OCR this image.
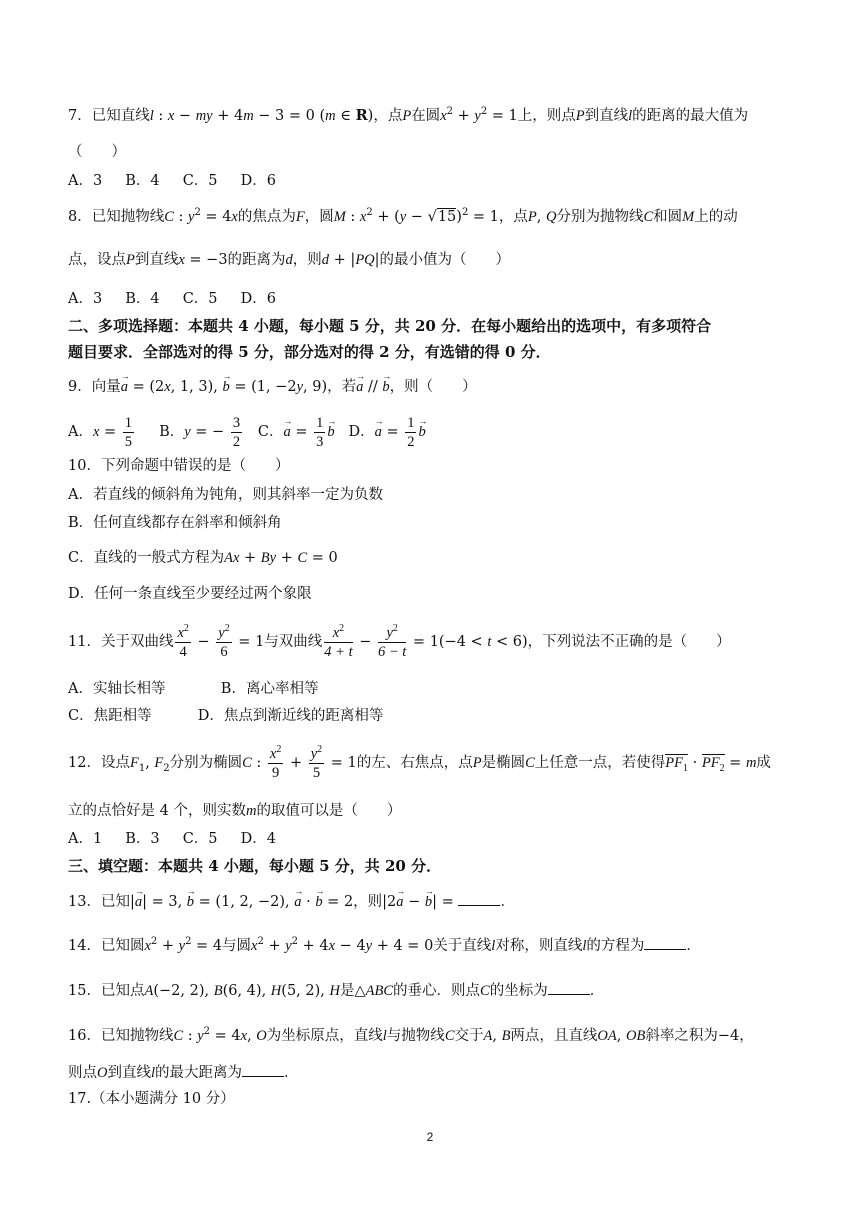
7．已知直线l : x − my + 4m − 3 = 0 (m ∈ R)，点P在圆$x^2 + y^2 = 1$上，则点P到直线l的距离的最大值为
（　　）
A．3 B．4 C．5 D．6
8．已知抛物线C : $y^2 = 4x$的焦点为F，圆M : $x^2 + (y - √15)^2 = 1$，点P, Q分别为抛物线C和圆M上的动
点，设点P到直线x = −3的距离为d，则d + |PQ|的最小值为（　　）
A．3 B．4 C．5 D．6
二、多项选择题：本题共 4 小题，每小题 5 分，共 20 分．在每小题给出的选项中，有多项符合
题目要求．全部选对的得 5 分，部分选对的得 2 分，有选错的得 0 分．
9．向量→ a = (2x, 1, 3), → b = (1, −2y, 9)，若→ a // → b，则（　　）
A．$x = \frac{1}{5}$ B．y = − $\frac{3}{2}$ C．→ $a = \frac{1}{3}$
→ b D．→ $a = \frac{1}{2}$
→ b
10．下列命题中错误的是（　　）
A．若直线的倾斜角为钝角，则其斜率一定为负数
B．任何直线都存在斜率和倾斜角
C．直线的一般式方程为Ax + By + C = 0
D．任何一条直线至少要经过两个象限
11．关于双曲线 $\frac{x^2}{4} - \frac{y^2}{6} = 1$与双曲线 $\frac{x^2}{4 + t} - \frac{y^2}{6 - t} = 1(-4 < t < 6)$，下列说法不正确的是（　　）
A．实轴长相等	B．离心率相等
C．焦距相等	D．焦点到渐近线的距离相等
12．设点$F_1$, $F_2$分别为椭圆C : $\frac{x^2}{9} + \frac{y^2}{5} = 1$的左、右焦点，点P是椭圆C上任意一点，若使得$PF_1 \cdot PF_2 = m$成
立的点恰好是 4 个，则实数m的取值可以是（　　）
A．1 B．3 C．5 D．4
三、填空题：本题共 4 小题，每小题 5 分，共 20 分．
13．已知|→ a| = 3, → b = (1, 2, −2), → a · → b = 2，则|2→ a − → b| =	．
14．已知圆$x^2 + y^2 = 4$与圆$x^2 + y^2 + 4x - 4y + 4 = 0$关于直线l对称，则直线l的方程为	．
15．已知点A(−2, 2), B(6, 4), H(5, 2), H是△ABC的垂心．则点C的坐标为	．
16．已知抛物线C : $y^2 = 4x$, O为坐标原点，直线l与抛物线C交于A, B两点，且直线OA, OB斜率之积为−4，
则点O到直线l的最大距离为	．
17.（本小题满分 10 分）
2
